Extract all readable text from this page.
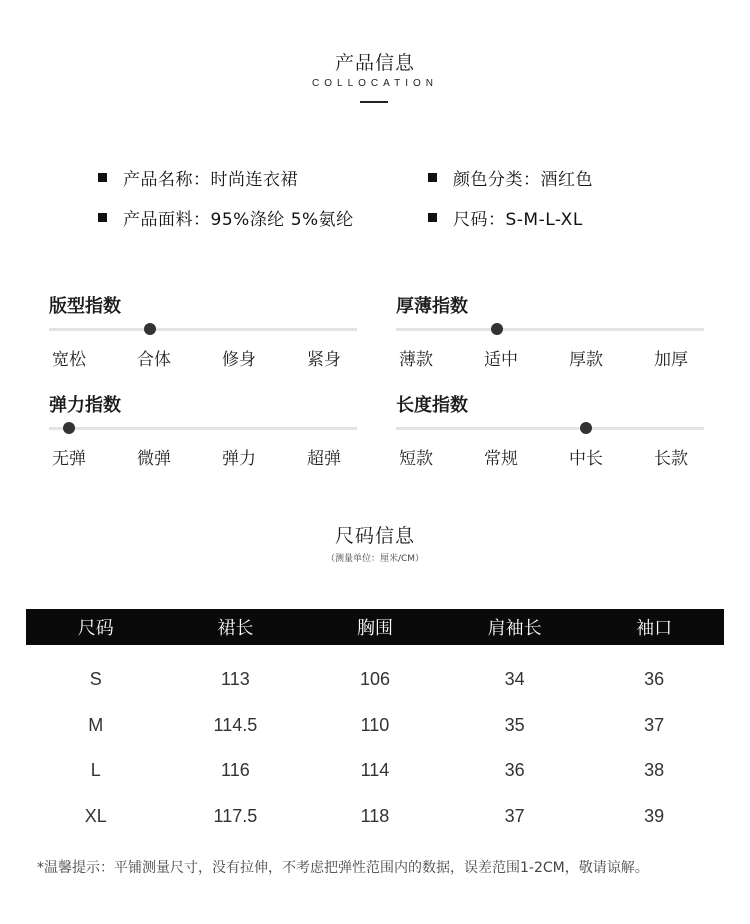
产品信息
COLLOCATION
产品名称：时尚连衣裙	颜色分类：酒红色
产品面料：95%涤纶 5%氨纶	尺码：S-M-L-XL
版型指数
宽松	合体	修身	紧身
厚薄指数
薄款	适中	厚款	加厚
弹力指数
无弹	微弹	弹力	超弹
长度指数
短款	常规	中长	长款
尺码信息
（测量单位：厘米/CM）
尺码	裙长	胸围	肩袖长	袖口
S	113	106	34	36
M	114.5	110	35	37
L	116	114	36	38
XL	117.5	118	37	39
*温馨提示：平铺测量尺寸，没有拉伸，不考虑把弹性范围内的数据，误差范围1-2CM，敬请谅解。
